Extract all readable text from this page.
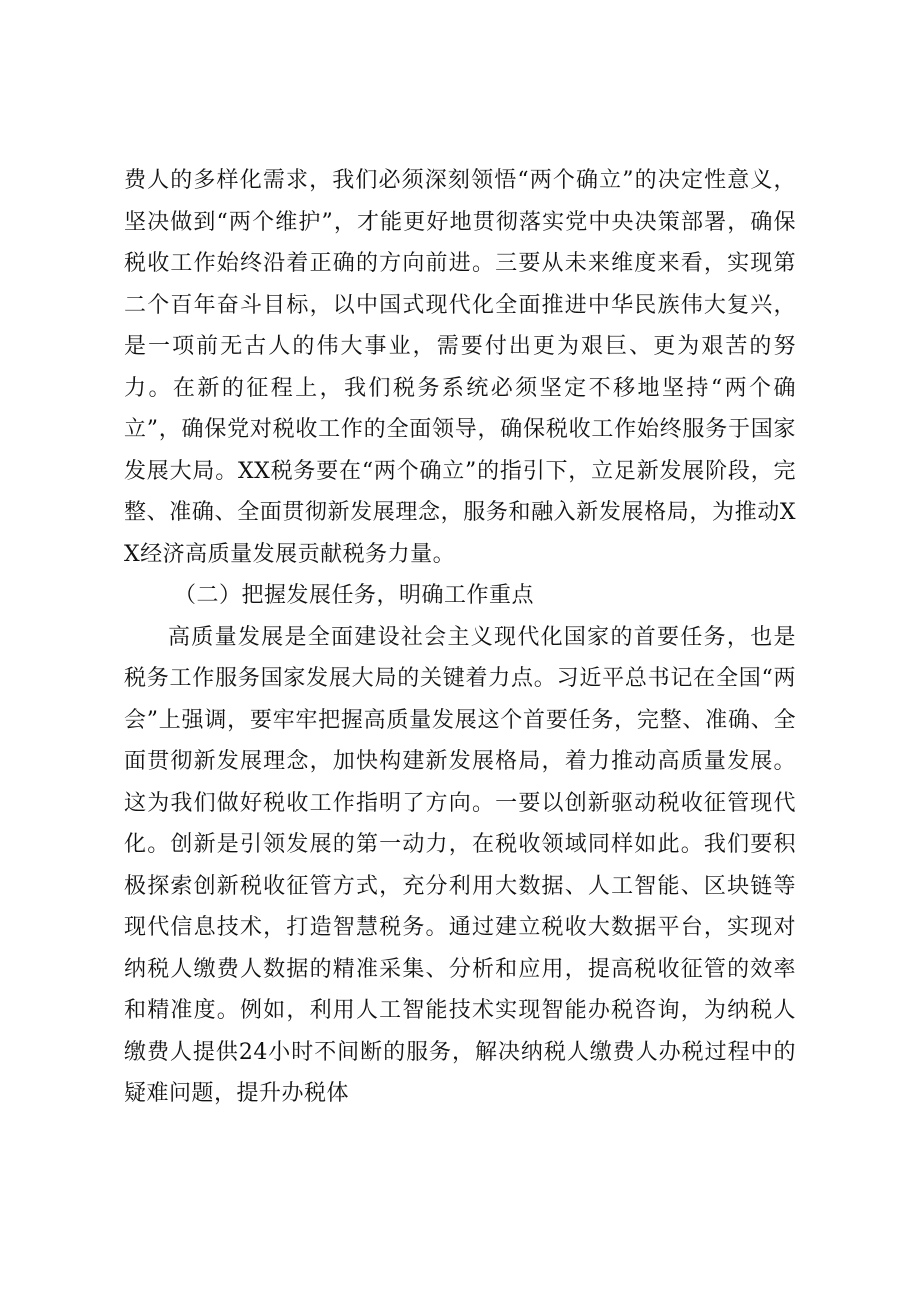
费人的多样化需求，我们必须深刻领悟“两个确立”的决定性意义，坚决做到“两个维护”，才能更好地贯彻落实党中央决策部署，确保税收工作始终沿着正确的方向前进。三要从未来维度来看，实现第二个百年奋斗目标，以中国式现代化全面推进中华民族伟大复兴，是一项前无古人的伟大事业，需要付出更为艰巨、更为艰苦的努力。在新的征程上，我们税务系统必须坚定不移地坚持“两个确立”，确保党对税收工作的全面领导，确保税收工作始终服务于国家发展大局。XX税务要在“两个确立”的指引下，立足新发展阶段，完整、准确、全面贯彻新发展理念，服务和融入新发展格局，为推动XX经济高质量发展贡献税务力量。

（二）把握发展任务，明确工作重点

高质量发展是全面建设社会主义现代化国家的首要任务，也是税务工作服务国家发展大局的关键着力点。习近平总书记在全国“两会”上强调，要牢牢把握高质量发展这个首要任务，完整、准确、全面贯彻新发展理念，加快构建新发展格局，着力推动高质量发展。这为我们做好税收工作指明了方向。一要以创新驱动税收征管现代化。创新是引领发展的第一动力，在税收领域同样如此。我们要积极探索创新税收征管方式，充分利用大数据、人工智能、区块链等现代信息技术，打造智慧税务。通过建立税收大数据平台，实现对纳税人缴费人数据的精准采集、分析和应用，提高税收征管的效率和精准度。例如，利用人工智能技术实现智能办税咨询，为纳税人缴费人提供24小时不间断的服务，解决纳税人缴费人办税过程中的疑难问题，提升办税体
